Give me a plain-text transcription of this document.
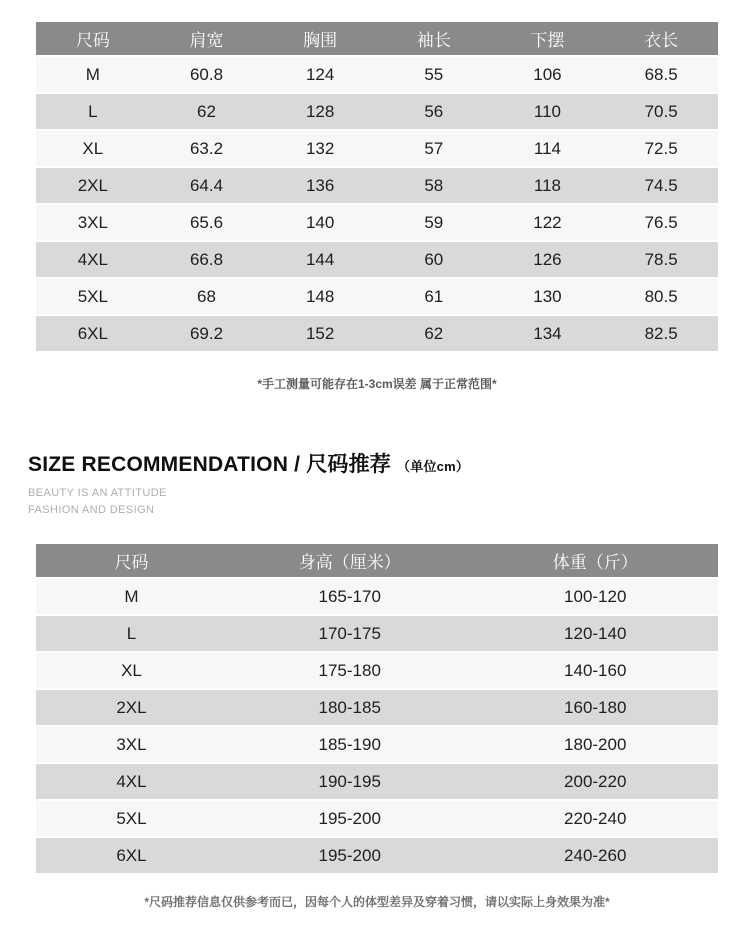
尺码	肩宽	胸围	袖长	下摆	衣长
M	60.8	124	55	106	68.5
L	62	128	56	110	70.5
XL	63.2	132	57	114	72.5
2XL	64.4	136	58	118	74.5
3XL	65.6	140	59	122	76.5
4XL	66.8	144	60	126	78.5
5XL	68	148	61	130	80.5
6XL	69.2	152	62	134	82.5
*手工测量可能存在1-3cm误差 属于正常范围*
SIZE RECOMMENDATION / 尺码推荐 （单位cm）
BEAUTY IS AN ATTITUDE
FASHION AND DESIGN
尺码	身高（厘米）	体重（斤）
M	165-170	100-120
L	170-175	120-140
XL	175-180	140-160
2XL	180-185	160-180
3XL	185-190	180-200
4XL	190-195	200-220
5XL	195-200	220-240
6XL	195-200	240-260
*尺码推荐信息仅供参考而已，因每个人的体型差异及穿着习惯，请以实际上身效果为准*
